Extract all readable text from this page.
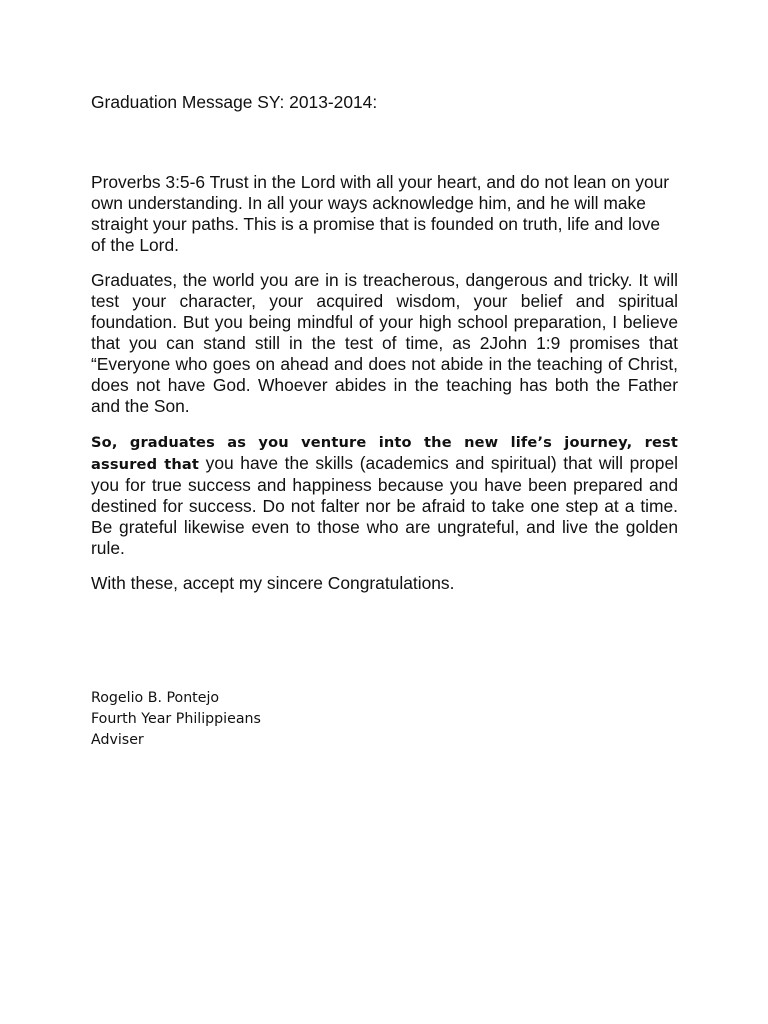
Graduation Message SY: 2013-2014:

Proverbs 3:5-6 Trust in the Lord with all your heart, and do not lean on your own understanding. In all your ways acknowledge him, and he will make straight your paths. This is a promise that is founded on truth, life and love of the Lord.

Graduates, the world you are in is treacherous, dangerous and tricky. It will test your character, your acquired wisdom, your belief and spiritual foundation. But you being mindful of your high school preparation, I believe that you can stand still in the test of time, as 2John 1:9 promises that “Everyone who goes on ahead and does not abide in the teaching of Christ, does not have God. Whoever abides in the teaching has both the Father and the Son.

So, graduates as you venture into the new life’s journey, rest assured that you have the skills (academics and spiritual) that will propel you for true success and happiness because you have been prepared and destined for success. Do not falter nor be afraid to take one step at a time. Be grateful likewise even to those who are ungrateful, and live the golden rule.

With these, accept my sincere Congratulations.

Rogelio B. Pontejo
Fourth Year Philippieans
Adviser
